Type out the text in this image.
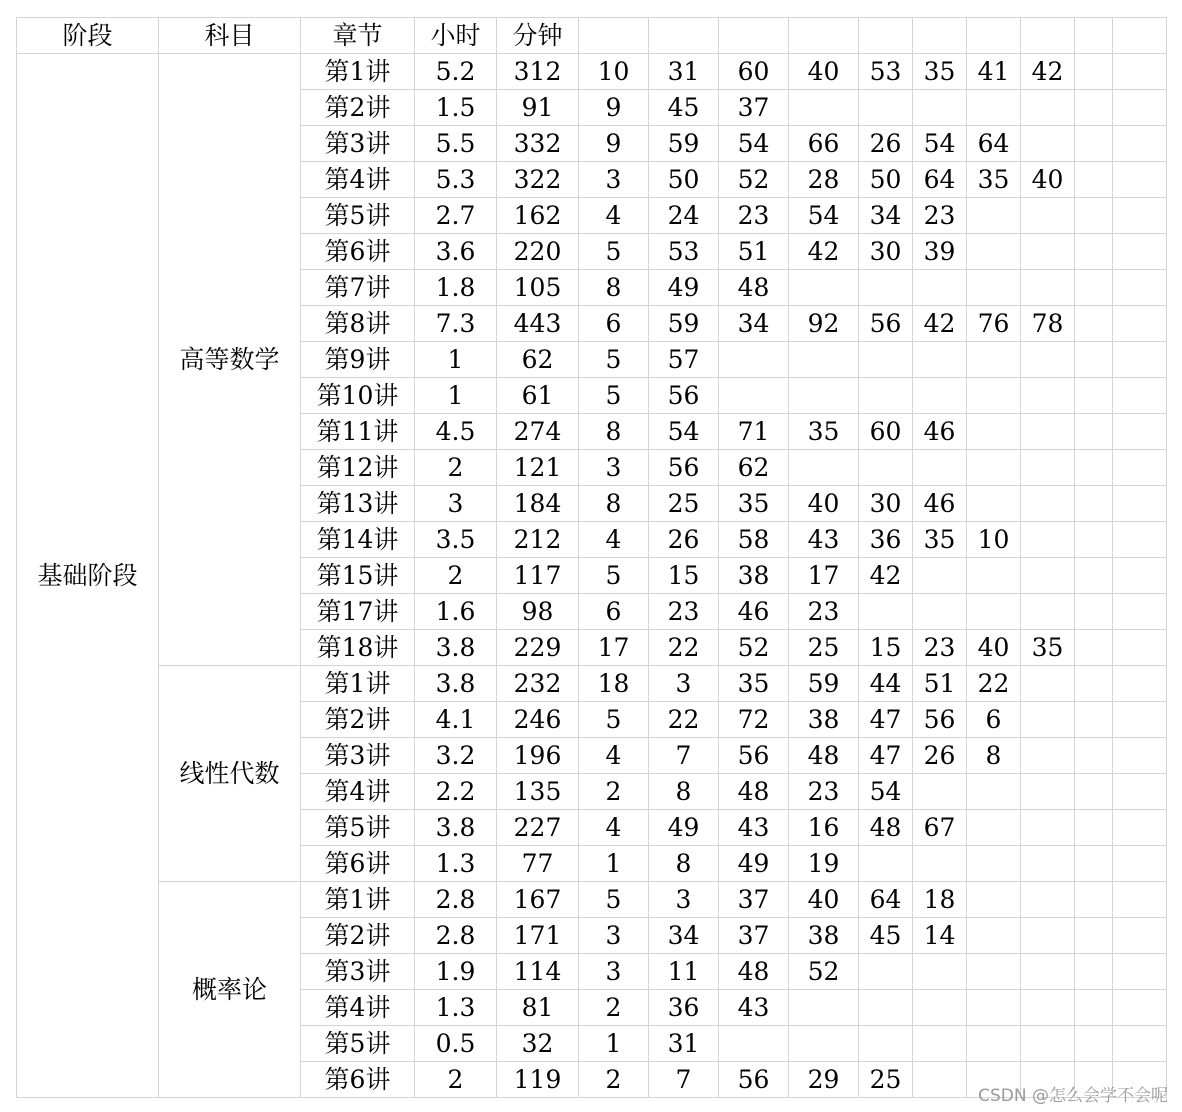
阶段	科目	章节	小时	分钟										
基础阶段	高等数学	第1讲	5.2	312	10	31	60	40	53	35	41	42		
		第2讲	1.5	91	9	45	37							
		第3讲	5.5	332	9	59	54	66	26	54	64			
		第4讲	5.3	322	3	50	52	28	50	64	35	40		
		第5讲	2.7	162	4	24	23	54	34	23				
		第6讲	3.6	220	5	53	51	42	30	39				
		第7讲	1.8	105	8	49	48							
		第8讲	7.3	443	6	59	34	92	56	42	76	78		
		第9讲	1	62	5	57								
		第10讲	1	61	5	56								
		第11讲	4.5	274	8	54	71	35	60	46				
		第12讲	2	121	3	56	62							
		第13讲	3	184	8	25	35	40	30	46				
		第14讲	3.5	212	4	26	58	43	36	35	10			
		第15讲	2	117	5	15	38	17	42					
		第17讲	1.6	98	6	23	46	23						
		第18讲	3.8	229	17	22	52	25	15	23	40	35		
	线性代数	第1讲	3.8	232	18	3	35	59	44	51	22			
		第2讲	4.1	246	5	22	72	38	47	56	6			
		第3讲	3.2	196	4	7	56	48	47	26	8			
		第4讲	2.2	135	2	8	48	23	54					
		第5讲	3.8	227	4	49	43	16	48	67				
		第6讲	1.3	77	1	8	49	19						
	概率论	第1讲	2.8	167	5	3	37	40	64	18				
		第2讲	2.8	171	3	34	37	38	45	14				
		第3讲	1.9	114	3	11	48	52						
		第4讲	1.3	81	2	36	43							
		第5讲	0.5	32	1	31								
		第6讲	2	119	2	7	56	29	25					
CSDN @怎么会学不会呢
